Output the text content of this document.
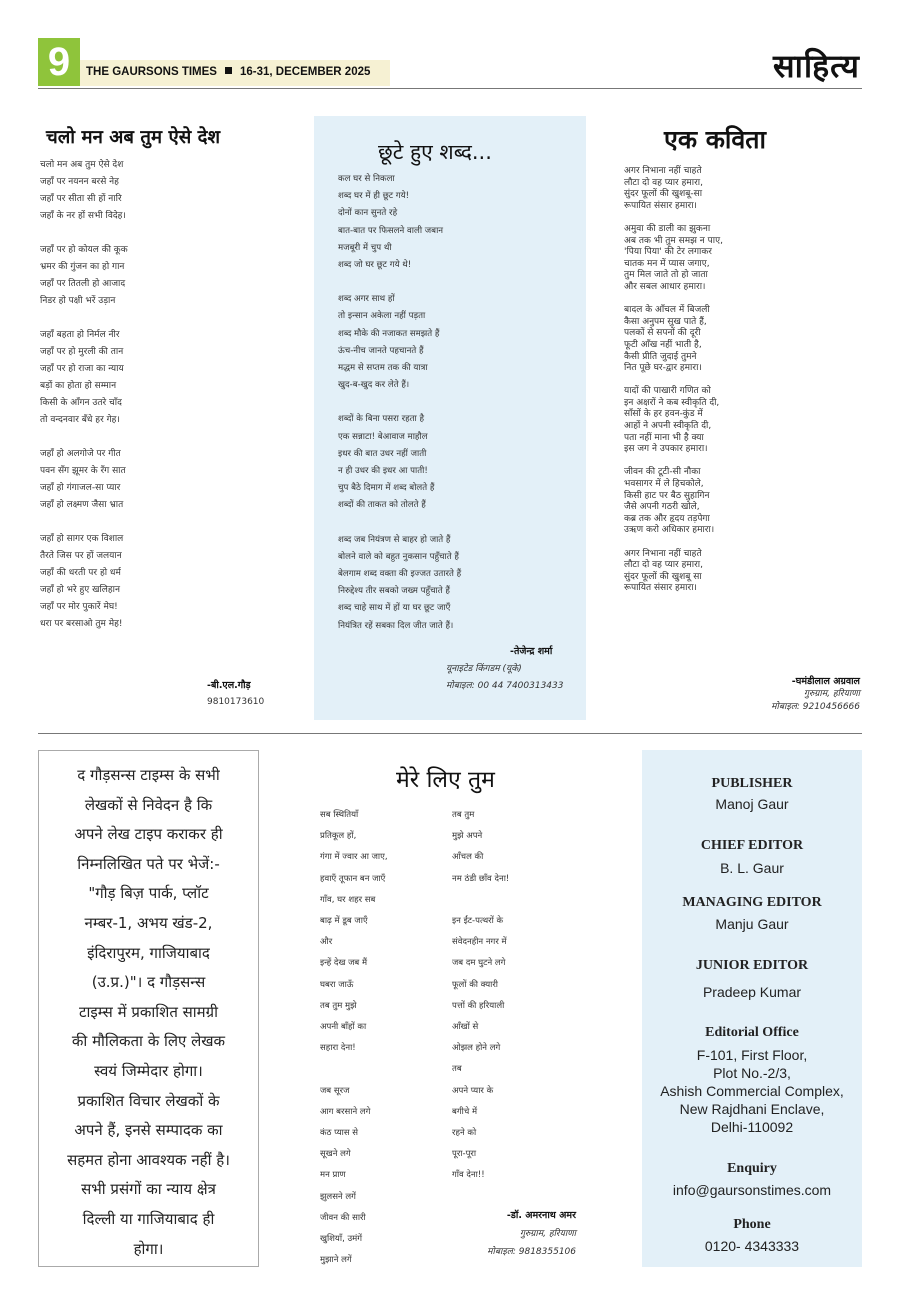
9	THE GAURSONS TIMES 16-31, DECEMBER 2025	साहित्य
चलो मन अब तुम ऐसे देश
चलो मन अब तुम ऐसे देश
जहाँ पर नयनन बरसे नेह
जहाँ पर सीता सी हों नारि
जहाँ के नर हों सभी विदेह।
जहाँ पर हो कोयल की कूक
भ्रमर की गुंजन का हो गान
जहाँ पर तितली हो आजाद
निडर हो पक्षी भरें उड़ान
जहाँ बहता हो निर्मल नीर
जहाँ पर हो मुरली की तान
जहाँ पर हो राजा का न्याय
बड़ों का होता हो सम्मान
किसी के आँगन उतरे चाँद
तो वन्दनवार बँधे हर गेह।
जहाँ हो अलगोजे पर गीत
पवन सँग झूमर के रँग सात
जहाँ हो गंगाजल-सा प्यार
जहाँ हो लक्ष्मण जैसा भ्रात
जहाँ हो सागर एक विशाल
तैरते जिस पर हों जलयान
जहाँ की धरती पर हो धर्म
जहाँ हो भरे हुए खलिहान
जहाँ पर मोर पुकारें मेघ!
धरा पर बरसाओ तुम मेह!
-बी.एल.गौड़
9810173610
छूटे हुए शब्द...
कल घर से निकला
शब्द घर में ही छूट गये!
दोनों कान सुनते रहे
बात-बात पर फिसलने वाली जबान
मजबूरी में चुप थी
शब्द जो घर छूट गये थे!
शब्द अगर साथ हों
तो इन्सान अकेला नहीं पड़ता
शब्द मौके की नजाकत समझते हैं
ऊंच-नीच जानते पहचानते हैं
मद्धम से सप्तम तक की यात्रा
खुद-ब-खुद कर लेते हैं।
शब्दों के बिना पसरा रहता है
एक सन्नाटा! बेआवाज माहौल
इधर की बात उधर नहीं जाती
न ही उधर की इधर आ पाती!
चुप बैठे दिमाग में शब्द बोलते हैं
शब्दों की ताकत को तोलते हैं
शब्द जब नियंत्रण से बाहर हो जाते हैं
बोलने वाले को बहुत नुकसान पहुँचाते हैं
बेलगाम शब्द वक्ता की इज्जत उतारते हैं
निरुद्देश्य तीर सबको जख्म पहुँचाते हैं
शब्द चाहे साथ में हों या घर छूट जाएँ
नियंत्रित रहें सबका दिल जीत जाते हैं।
-तेजेन्द्र शर्मा
यूनाइटेड किंगडम (यूके)
मोबाइल: 00 44 7400313433
एक कविता
अगर निभाना नहीं चाहते
लौटा दो वह प्यार हमारा,
सुंदर फूलों की खुशबू-सा
रूपायित संसार हमारा।
अमुवा की डाली का झुकना
अब तक भी तुम समझ न पाए,
'पिया पिया' की टेर लगाकर
चातक मन में प्यास जगाए,
तुम मिल जाते तो हो जाता
और सबल आधार हमारा।
बादल के आँचल में बिजली
कैसा अनुपम सुख पाते हैं,
पलकों से सपनों की दूरी
फूटी आँख नहीं भाती है,
कैसी प्रीति जुदाई तुमने
नित पूछे घर-द्वार हमारा।
यादों की पाखारी गणित को
इन अक्षरों ने कब स्वीकृति दी,
साँसों के हर हवन-कुंड में
आहों ने अपनी स्वीकृति दी,
पता नहीं माना भी है क्या
इस जग ने उपकार हमारा।
जीवन की टूटी-सी नौका
भवसागर में ले हिचकोले,
किसी हाट पर बैठ सुहागिन
जैसे अपनी गठरी खोले,
कब्र तक और हृदय तड़पेगा
उऋण करो अधिकार हमारा।
अगर निभाना नहीं चाहते
लौटा दो वह प्यार हमारा,
सुंदर फूलों की खुशबू सा
रूपायित संसार हमारा।
-घमंडीलाल अग्रवाल
गुरुग्राम, हरियाणा
मोबाइल: 9210456666
द गौड़सन्स टाइम्स के सभी
लेखकों से निवेदन है कि
अपने लेख टाइप कराकर ही
निम्नलिखित पते पर भेजें:-
"गौड़ बिज़ पार्क, प्लॉट
नम्बर-1, अभय खंड-2,
इंदिरापुरम, गाजियाबाद
(उ.प्र.)"। द गौड़सन्स
टाइम्स में प्रकाशित सामग्री
की मौलिकता के लिए लेखक
स्वयं जिम्मेदार होगा।
प्रकाशित विचार लेखकों के
अपने हैं, इनसे सम्पादक का
सहमत होना आवश्यक नहीं है।
सभी प्रसंगों का न्याय क्षेत्र
दिल्ली या गाजियाबाद ही
होगा।
मेरे लिए तुम
सब स्थितियाँ
प्रतिकूल हों,
गंगा में ज्वार आ जाए,
हवाएँ तूफान बन जाएँ
गाँव, घर शहर सब
बाढ़ में डूब जाएँ
और
इन्हें देख जब मैं
घबरा जाऊँ
तब तुम मुझे
अपनी बाँहों का
सहारा देना!
जब सूरज
आग बरसाने लगे
कंठ प्यास से
सूखने लगे
मन प्राण
झुलसने लगें
जीवन की सारी
खुशियाँ, उमंगें
मुझाने लगें
तब तुम
मुझे अपने
आँचल की
नम ठंडी छाँव देना!
इन ईंट-पत्थरों के
संवेदनहीन नगर में
जब दम घुटने लगे
फूलों की क्यारी
पत्तों की हरियाली
आँखों से
ओझल होने लगे
तब
अपने प्यार के
बगीचे में
रहने को
पूरा-पूरा
गाँव देना!!
-डॉ. अमरनाथ अमर
गुरुग्राम, हरियाणा
मोबाइल: 9818355106
PUBLISHER
Manoj Gaur
CHIEF EDITOR
B. L. Gaur
MANAGING EDITOR
Manju Gaur
JUNIOR EDITOR
Pradeep Kumar
Editorial Office
F-101, First Floor,
Plot No.-2/3,
Ashish Commercial Complex,
New Rajdhani Enclave,
Delhi-110092
Enquiry
info@gaursonstimes.com
Phone
0120- 4343333
